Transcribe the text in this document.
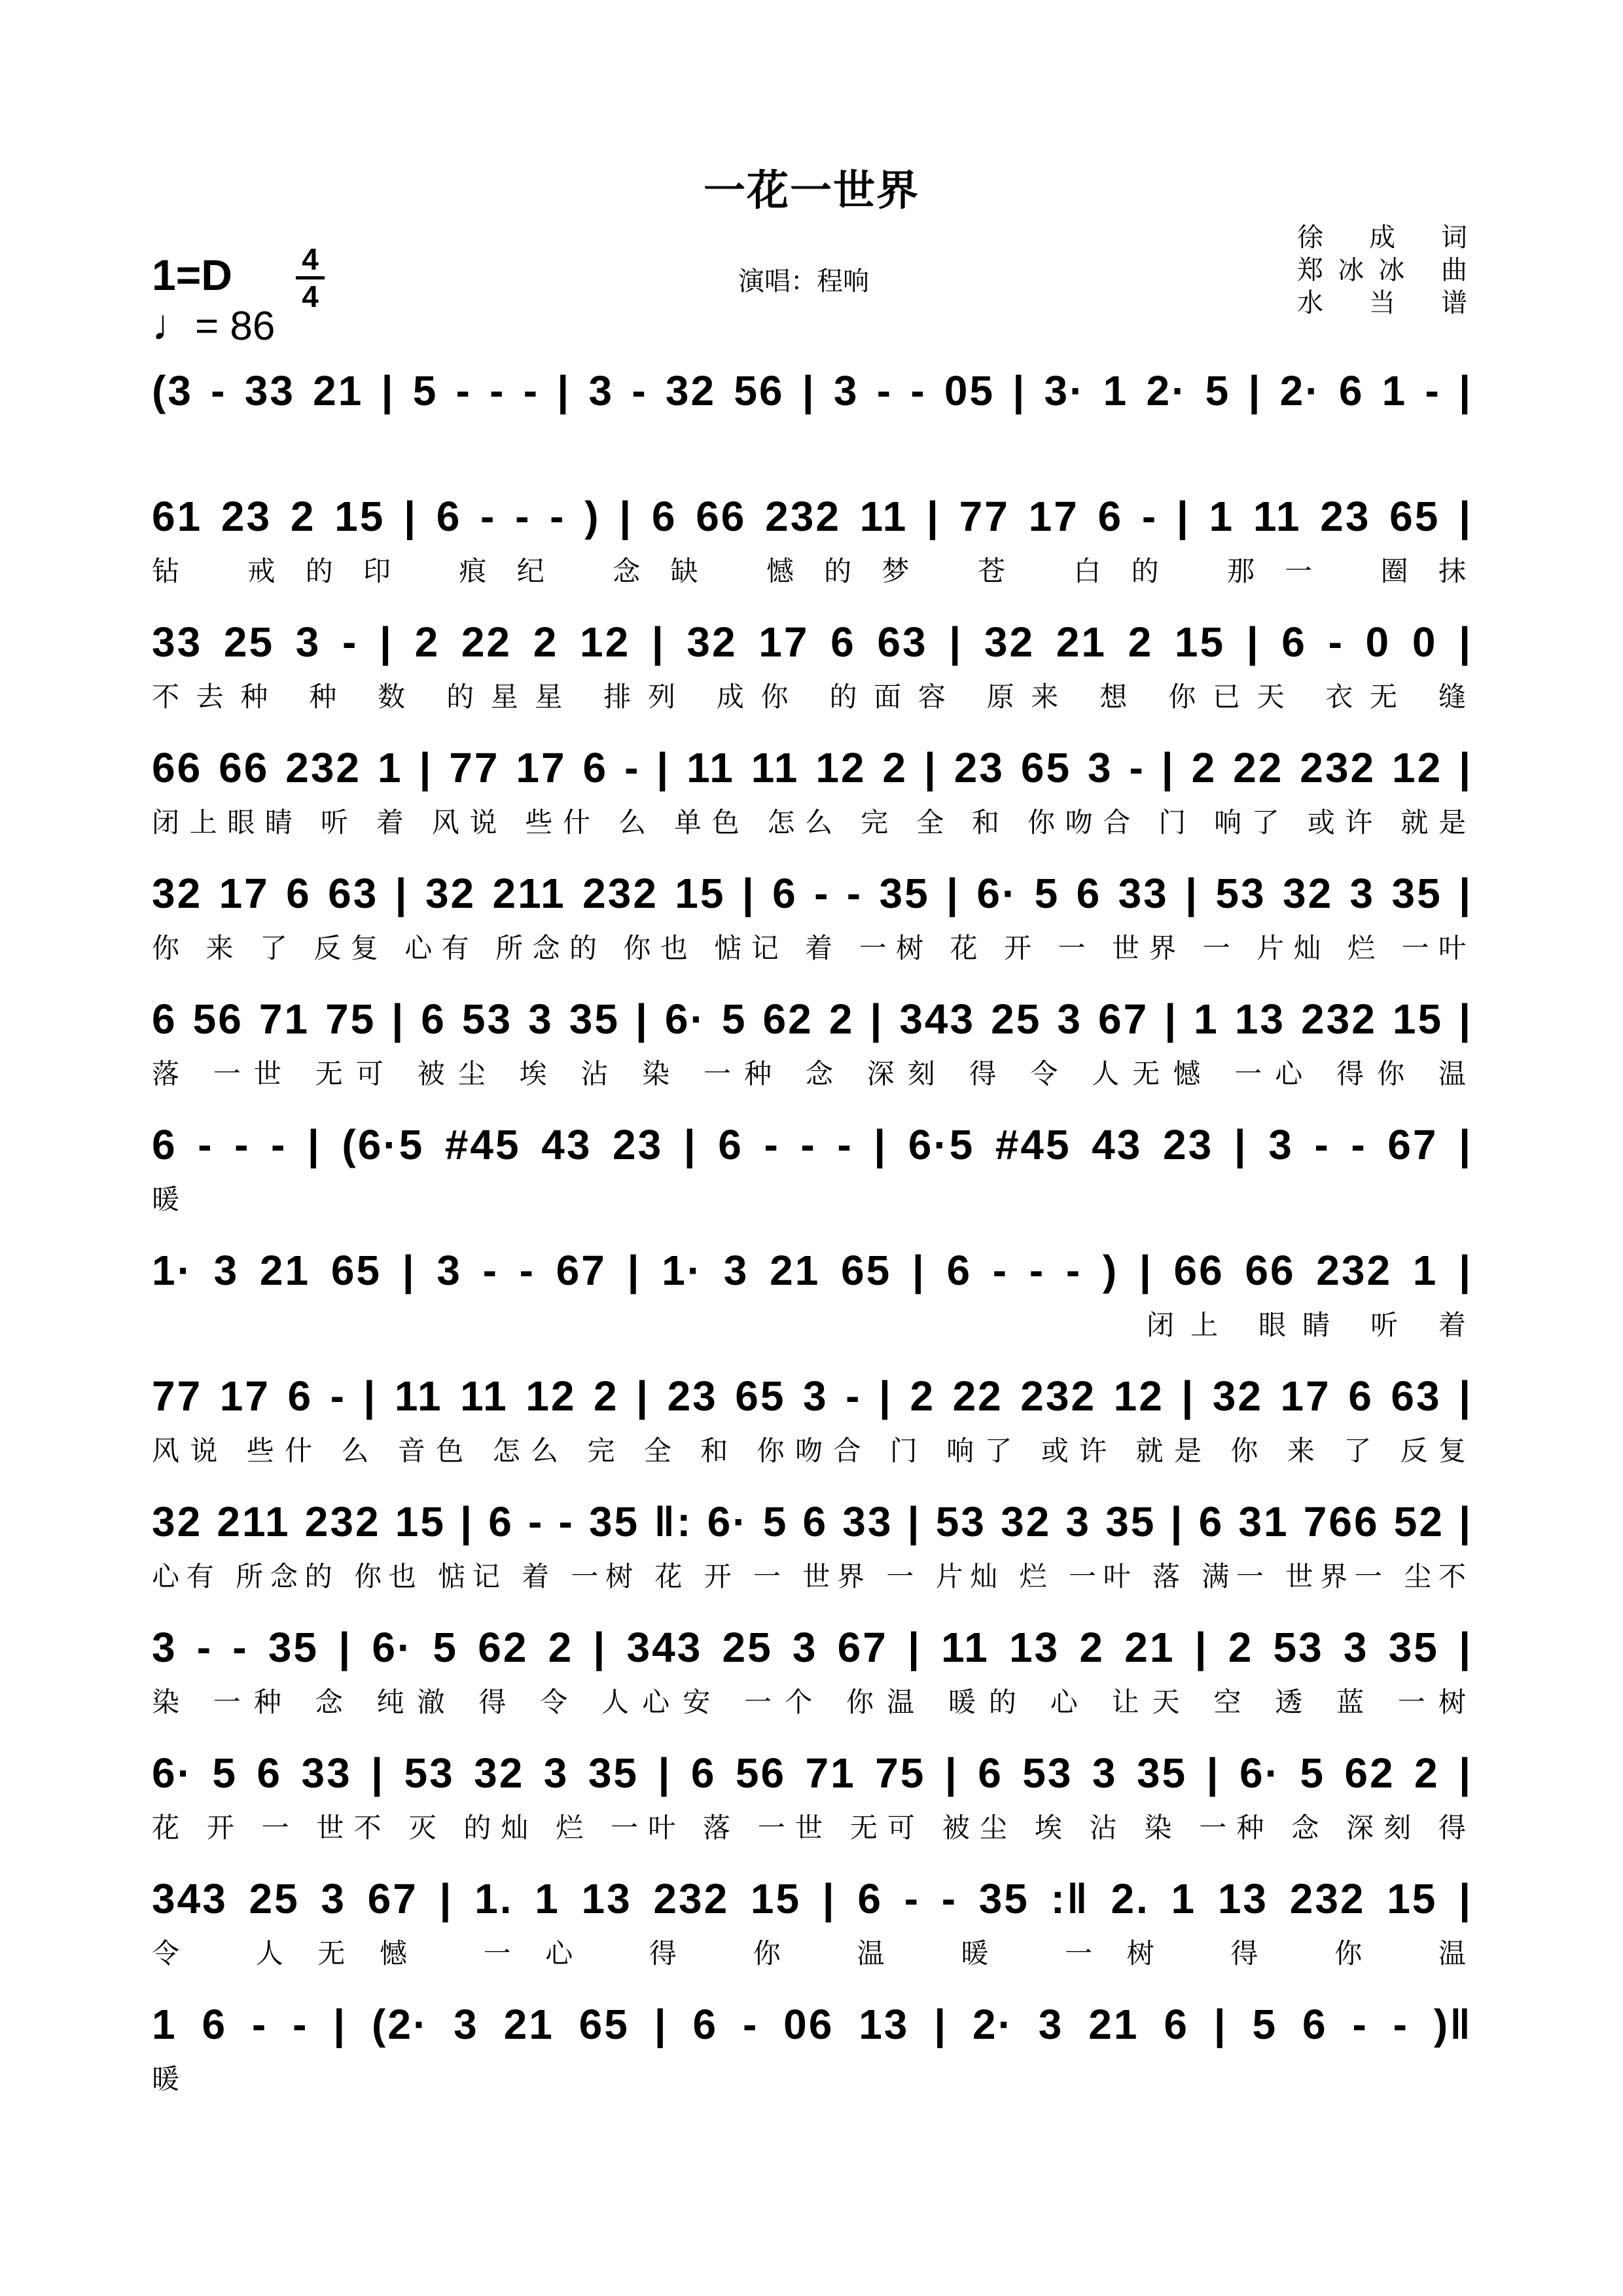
一花一世界
1=D 4
4
♩= 86
演唱：程响
徐 成 词
郑冰冰 曲
水 当 谱
(3 - 33 21 | 5 - - - | 3 - 32 56 | 3 - - 05 | 3· 1 2· 5 | 2· 6 1 - |
61 23 2 15 | 6 - - - ) | 6 66 232 11 | 77 17 6 - | 1 11 23 65 |
钻 戒的印 痕纪 念缺 憾的梦 苍 白的 那一 圈抹
33 25 3 - | 2 22 2 12 | 32 17 6 63 | 32 21 2 15 | 6 - 0 0 |
不去种 种 数 的星星 排列 成你 的面容 原来 想 你已天 衣无 缝
66 66 232 1 | 77 17 6 - | 11 11 12 2 | 23 65 3 - | 2 22 232 12 |
闭上眼睛 听 着 风说 些什 么 单色 怎么 完 全 和 你吻合 门 响了 或许 就是
32 17 6 63 | 32 211 232 15 | 6 - - 35 | 6· 5 6 33 | 53 32 3 35 |
你 来 了 反复 心有 所念的 你也 惦记 着 一树 花 开 一 世界 一 片灿 烂 一叶
6 56 71 75 | 6 53 3 35 | 6· 5 62 2 | 343 25 3 67 | 1 13 232 15 |
落 一世 无可 被尘 埃 沾 染 一种 念 深刻 得 令 人无憾 一心 得你 温
6 - - - | (6·5 #45 43 23 | 6 - - - | 6·5 #45 43 23 | 3 - - 67 |
暖
1· 3 21 65 | 3 - - 67 | 1· 3 21 65 | 6 - - - ) | 66 66 232 1 |
闭上 眼睛 听 着
77 17 6 - | 11 11 12 2 | 23 65 3 - | 2 22 232 12 | 32 17 6 63 |
风说 些什 么 音色 怎么 完 全 和 你吻合 门 响了 或许 就是 你 来 了 反复
32 211 232 15 | 6 - - 35 ‖: 6· 5 6 33 | 53 32 3 35 | 6 31 766 52 |
心有 所念的 你也 惦记 着 一树 花 开 一 世界 一 片灿 烂 一叶 落 满一 世界一 尘不
3 - - 35 | 6· 5 62 2 | 343 25 3 67 | 11 13 2 21 | 2 53 3 35 |
染 一种 念 纯澈 得 令 人心安 一个 你温 暖的 心 让天 空 透 蓝 一树
6· 5 6 33 | 53 32 3 35 | 6 56 71 75 | 6 53 3 35 | 6· 5 62 2 |
花 开 一 世不 灭 的灿 烂 一叶 落 一世 无可 被尘 埃 沾 染 一种 念 深刻 得
343 25 3 67 | 1. 1 13 232 15 | 6 - - 35 :‖ 2. 1 13 232 15 |
令 人无憾 一心 得 你 温 暖 一树 得 你 温
1 6 - - | (2· 3 21 65 | 6 - 06 13 | 2· 3 21 6 | 5 6 - - )‖
暖
